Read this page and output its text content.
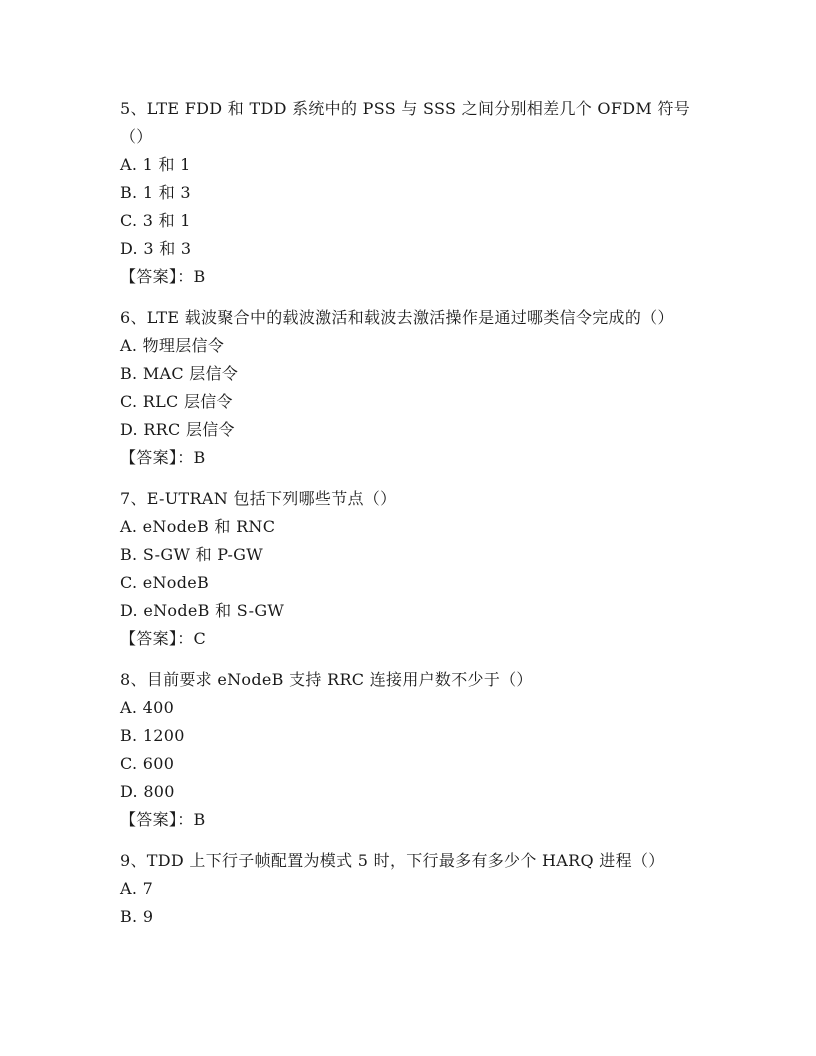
5、LTE FDD 和 TDD 系统中的 PSS 与 SSS 之间分别相差几个 OFDM 符号（）

A. 1 和 1

B. 1 和 3

C. 3 和 1

D. 3 和 3

【答案】：B

6、LTE 载波聚合中的载波激活和载波去激活操作是通过哪类信令完成的（）

A. 物理层信令

B. MAC 层信令

C. RLC 层信令

D. RRC 层信令

【答案】：B

7、E-UTRAN 包括下列哪些节点（）

A. eNodeB 和 RNC

B. S-GW 和 P-GW

C. eNodeB

D. eNodeB 和 S-GW

【答案】：C

8、目前要求 eNodeB 支持 RRC 连接用户数不少于（）

A. 400

B. 1200

C. 600

D. 800

【答案】：B

9、TDD 上下行子帧配置为模式 5 时，下行最多有多少个 HARQ 进程（）

A. 7

B. 9
